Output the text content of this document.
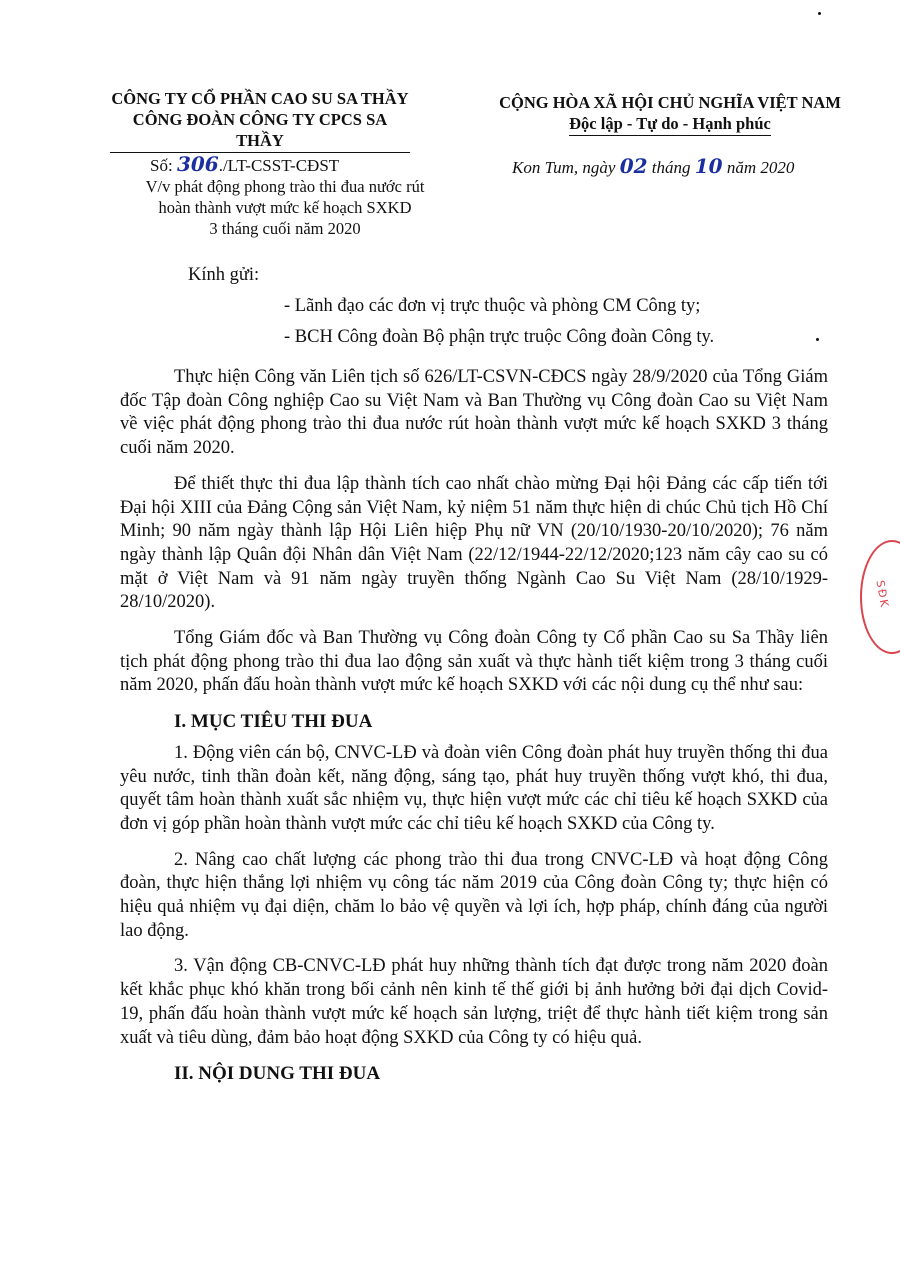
CÔNG TY CỔ PHẦN CAO SU SA THẦY
CÔNG ĐOÀN CÔNG TY CPCS SA THẦY
CỘNG HÒA XÃ HỘI CHỦ NGHĨA VIỆT NAM
Độc lập - Tự do - Hạnh phúc
Số: 306./LT-CSST-CĐST
V/v phát động phong trào thi đua nước rút
hoàn thành vượt mức kế hoạch SXKD
3 tháng cuối năm 2020
Kon Tum, ngày 02 tháng 10 năm 2020
Kính gửi:
- Lãnh đạo các đơn vị trực thuộc và phòng CM Công ty;
- BCH Công đoàn Bộ phận trực truộc Công đoàn Công ty.

Thực hiện Công văn Liên tịch số 626/LT-CSVN-CĐCS ngày 28/9/2020 của Tổng Giám đốc Tập đoàn Công nghiệp Cao su Việt Nam và Ban Thường vụ Công đoàn Cao su Việt Nam về việc phát động phong trào thi đua nước rút hoàn thành vượt mức kế hoạch SXKD 3 tháng cuối năm 2020.

Để thiết thực thi đua lập thành tích cao nhất chào mừng Đại hội Đảng các cấp tiến tới Đại hội XIII của Đảng Cộng sản Việt Nam, kỷ niệm 51 năm thực hiện di chúc Chủ tịch Hồ Chí Minh; 90 năm ngày thành lập Hội Liên hiệp Phụ nữ VN (20/10/1930-20/10/2020); 76 năm ngày thành lập Quân đội Nhân dân Việt Nam (22/12/1944-22/12/2020;123 năm cây cao su có mặt ở Việt Nam và 91 năm ngày truyền thống Ngành Cao Su Việt Nam (28/10/1929-28/10/2020).

Tổng Giám đốc và Ban Thường vụ Công đoàn Công ty Cổ phần Cao su Sa Thầy liên tịch phát động phong trào thi đua lao động sản xuất và thực hành tiết kiệm trong 3 tháng cuối năm 2020, phấn đấu hoàn thành vượt mức kế hoạch SXKD với các nội dung cụ thể như sau:

I. MỤC TIÊU THI ĐUA

1. Động viên cán bộ, CNVC-LĐ và đoàn viên Công đoàn phát huy truyền thống thi đua yêu nước, tinh thần đoàn kết, năng động, sáng tạo, phát huy truyền thống vượt khó, thi đua, quyết tâm hoàn thành xuất sắc nhiệm vụ, thực hiện vượt mức các chỉ tiêu kế hoạch SXKD của đơn vị góp phần hoàn thành vượt mức các chỉ tiêu kế hoạch SXKD của Công ty.

2. Nâng cao chất lượng các phong trào thi đua trong CNVC-LĐ và hoạt động Công đoàn, thực hiện thắng lợi nhiệm vụ công tác năm 2019 của Công đoàn Công ty; thực hiện có hiệu quả nhiệm vụ đại diện, chăm lo bảo vệ quyền và lợi ích, hợp pháp, chính đáng của người lao động.

3. Vận động CB-CNVC-LĐ phát huy những thành tích đạt được trong năm 2020 đoàn kết khắc phục khó khăn trong bối cảnh nên kinh tế thế giới bị ảnh hưởng bởi đại dịch Covid-19, phấn đấu hoàn thành vượt mức kế hoạch sản lượng, triệt để thực hành tiết kiệm trong sản xuất và tiêu dùng, đảm bảo hoạt động SXKD của Công ty có hiệu quả.

II. NỘI DUNG THI ĐUA
SĐK
